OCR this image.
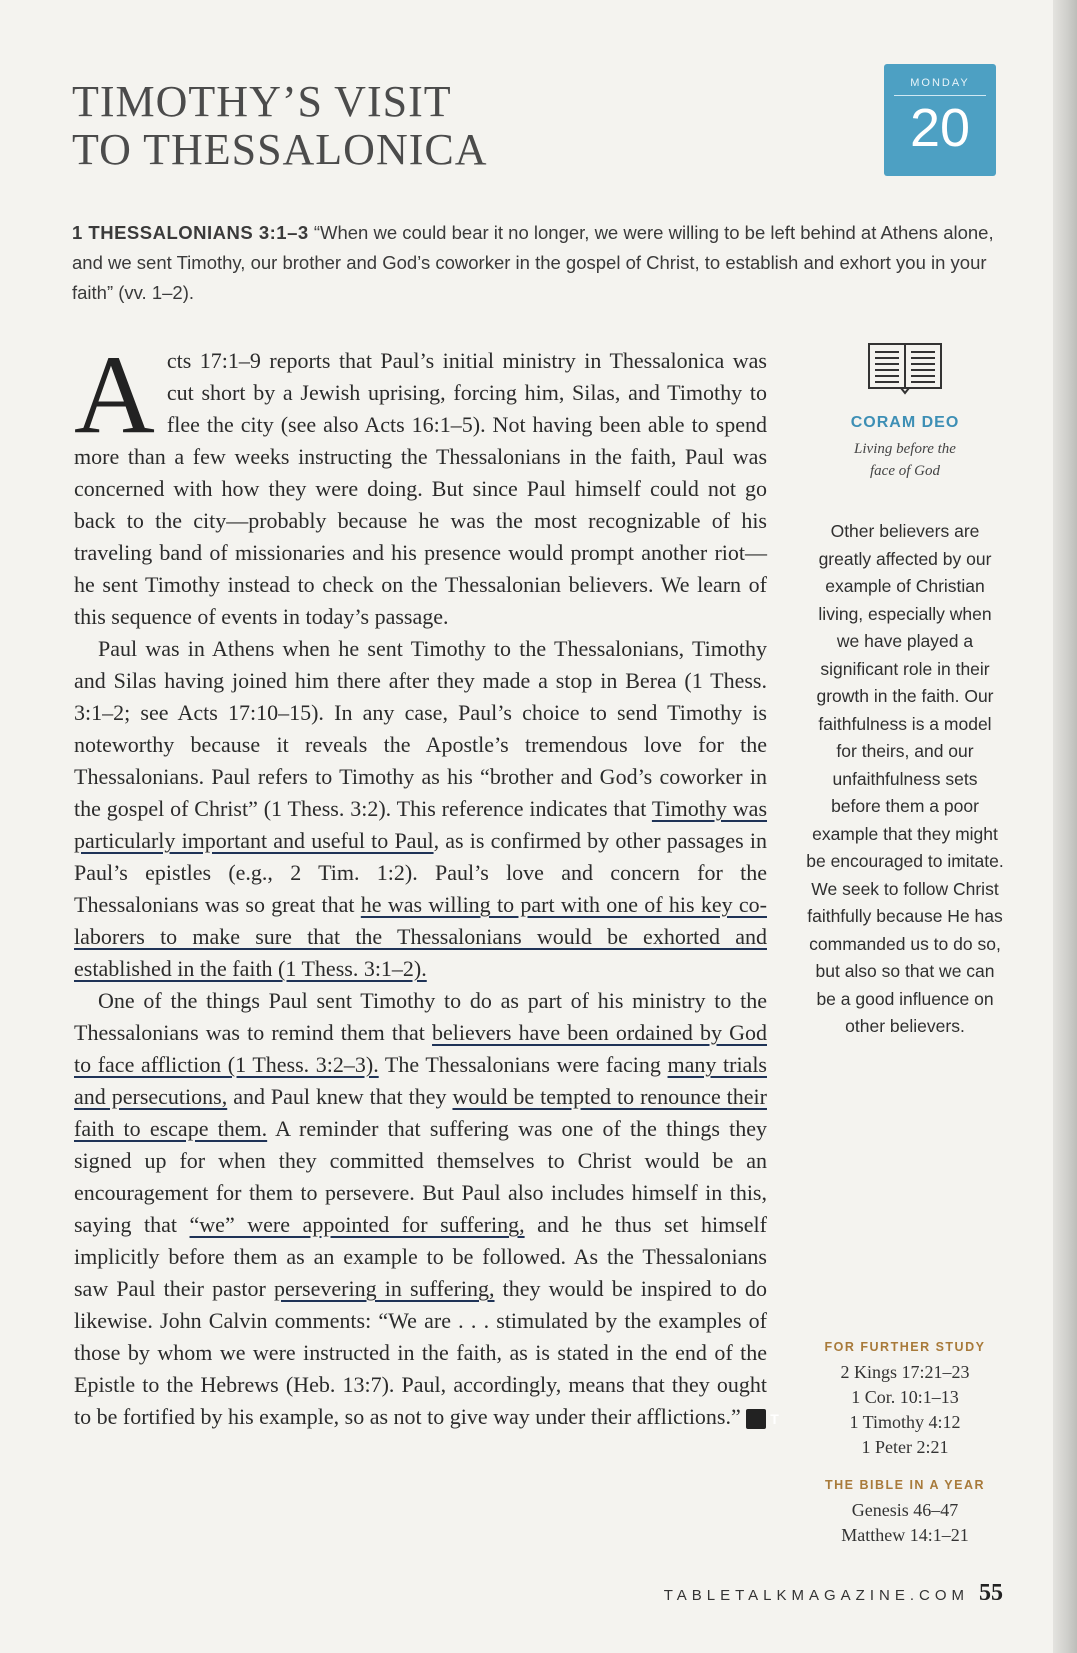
TIMOTHY’S VISIT
TO THESSALONICA
MONDAY
20
1 THESSALONIANS 3:1–3 “When we could bear it no longer, we were willing to be left behind at Athens alone, and we sent Timothy, our brother and God’s coworker in the gospel of Christ, to establish and exhort you in your faith” (vv. 1–2).

Acts 17:1–9 reports that Paul’s initial ministry in Thessalonica was cut short by a Jewish uprising, forcing him, Silas, and Timothy to flee the city (see also Acts 16:1–5). Not having been able to spend more than a few weeks instructing the Thessalonians in the faith, Paul was concerned with how they were doing. But since Paul himself could not go back to the city—probably because he was the most recognizable of his traveling band of missionaries and his presence would prompt another riot—he sent Timothy instead to check on the Thessalonian believers. We learn of this sequence of events in today’s passage.

Paul was in Athens when he sent Timothy to the Thessalonians, Timothy and Silas having joined him there after they made a stop in Berea (1 Thess. 3:1–2; see Acts 17:10–15). In any case, Paul’s choice to send Timothy is noteworthy because it reveals the Apostle’s tremendous love for the Thessalonians. Paul refers to Timothy as his “brother and God’s coworker in the gospel of Christ” (1 Thess. 3:2). This reference indicates that Timothy was particularly important and useful to Paul, as is confirmed by other passages in Paul’s epistles (e.g., 2 Tim. 1:2). Paul’s love and concern for the Thessalonians was so great that he was willing to part with one of his key co-laborers to make sure that the Thessalonians would be exhorted and established in the faith (1 Thess. 3:1–2).

One of the things Paul sent Timothy to do as part of his ministry to the Thessalonians was to remind them that believers have been ordained by God to face affliction (1 Thess. 3:2–3). The Thessalonians were facing many trials and persecutions, and Paul knew that they would be tempted to renounce their faith to escape them. A reminder that suffering was one of the things they signed up for when they committed themselves to Christ would be an encouragement for them to persevere. But Paul also includes himself in this, saying that “we” were appointed for suffering, and he thus set himself implicitly before them as an example to be followed. As the Thessalonians saw Paul their pastor persevering in suffering, they would be inspired to do likewise. John Calvin comments: “We are . . . stimulated by the examples of those by whom we were instructed in the faith, as is stated in the end of the Epistle to the Hebrews (Heb. 13:7). Paul, accordingly, means that they ought to be fortified by his example, so as not to give way under their afflictions.” T

CORAM DEO
Living before the
face of God
Other believers are greatly affected by our example of Christian living, especially when we have played a significant role in their growth in the faith. Our faithfulness is a model for theirs, and our unfaithfulness sets before them a poor example that they might be encouraged to imitate. We seek to follow Christ faithfully because He has commanded us to do so, but also so that we can be a good influence on other believers.
FOR FURTHER STUDY
2 Kings 17:21–23
1 Cor. 10:1–13
1 Timothy 4:12
1 Peter 2:21
THE BIBLE IN A YEAR
Genesis 46–47
Matthew 14:1–21
TABLETALKMAGAZINE.COM 55
